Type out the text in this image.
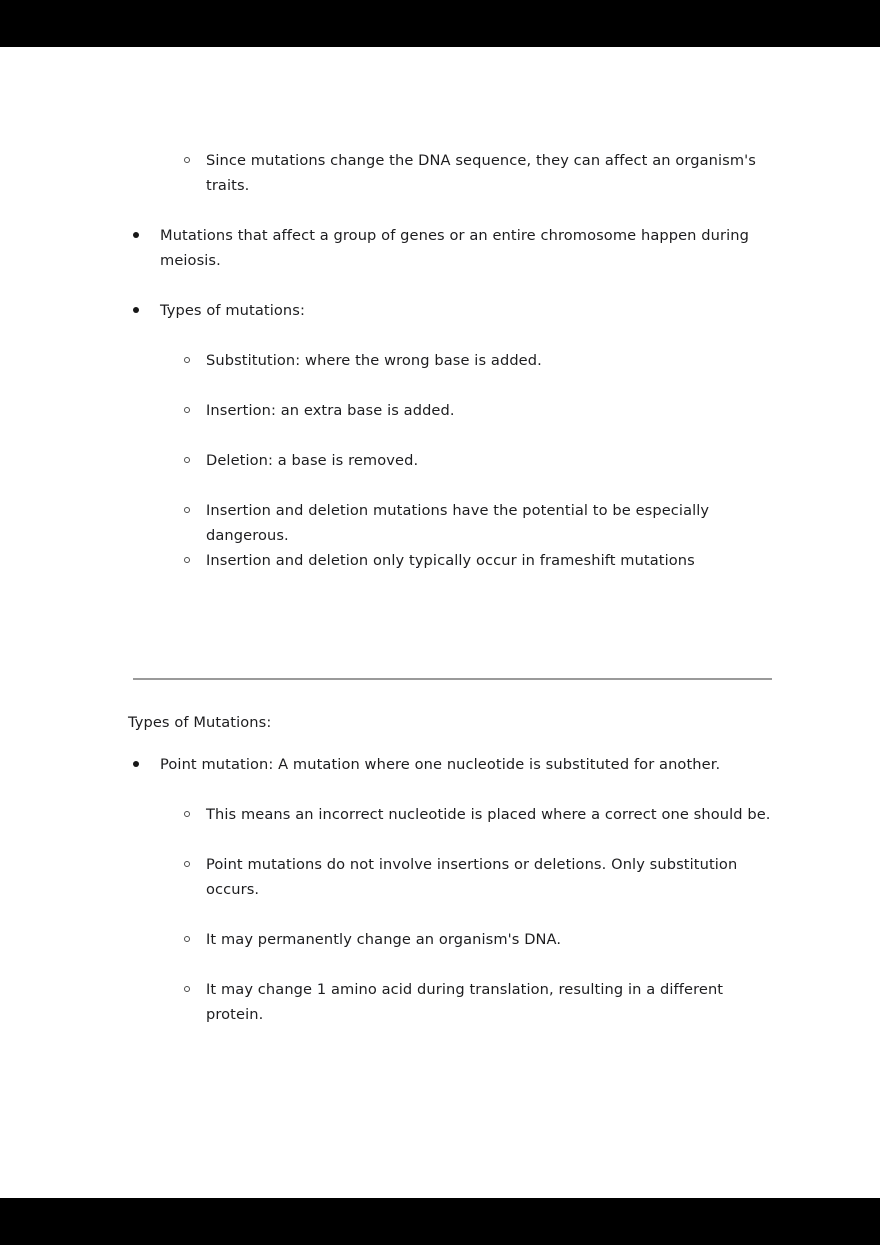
Since mutations change the DNA sequence, they can affect an organism's traits.
Mutations that affect a group of genes or an entire chromosome happen during meiosis.
Types of mutations:
Substitution: where the wrong base is added.
Insertion: an extra base is added.
Deletion: a base is removed.
Insertion and deletion mutations have the potential to be especially dangerous.
Insertion and deletion only typically occur in frameshift mutations
Types of Mutations:
Point mutation: A mutation where one nucleotide is substituted for another.
This means an incorrect nucleotide is placed where a correct one should be.
Point mutations do not involve insertions or deletions. Only substitution occurs.
It may permanently change an organism's DNA.
It may change 1 amino acid during translation, resulting in a different protein.
